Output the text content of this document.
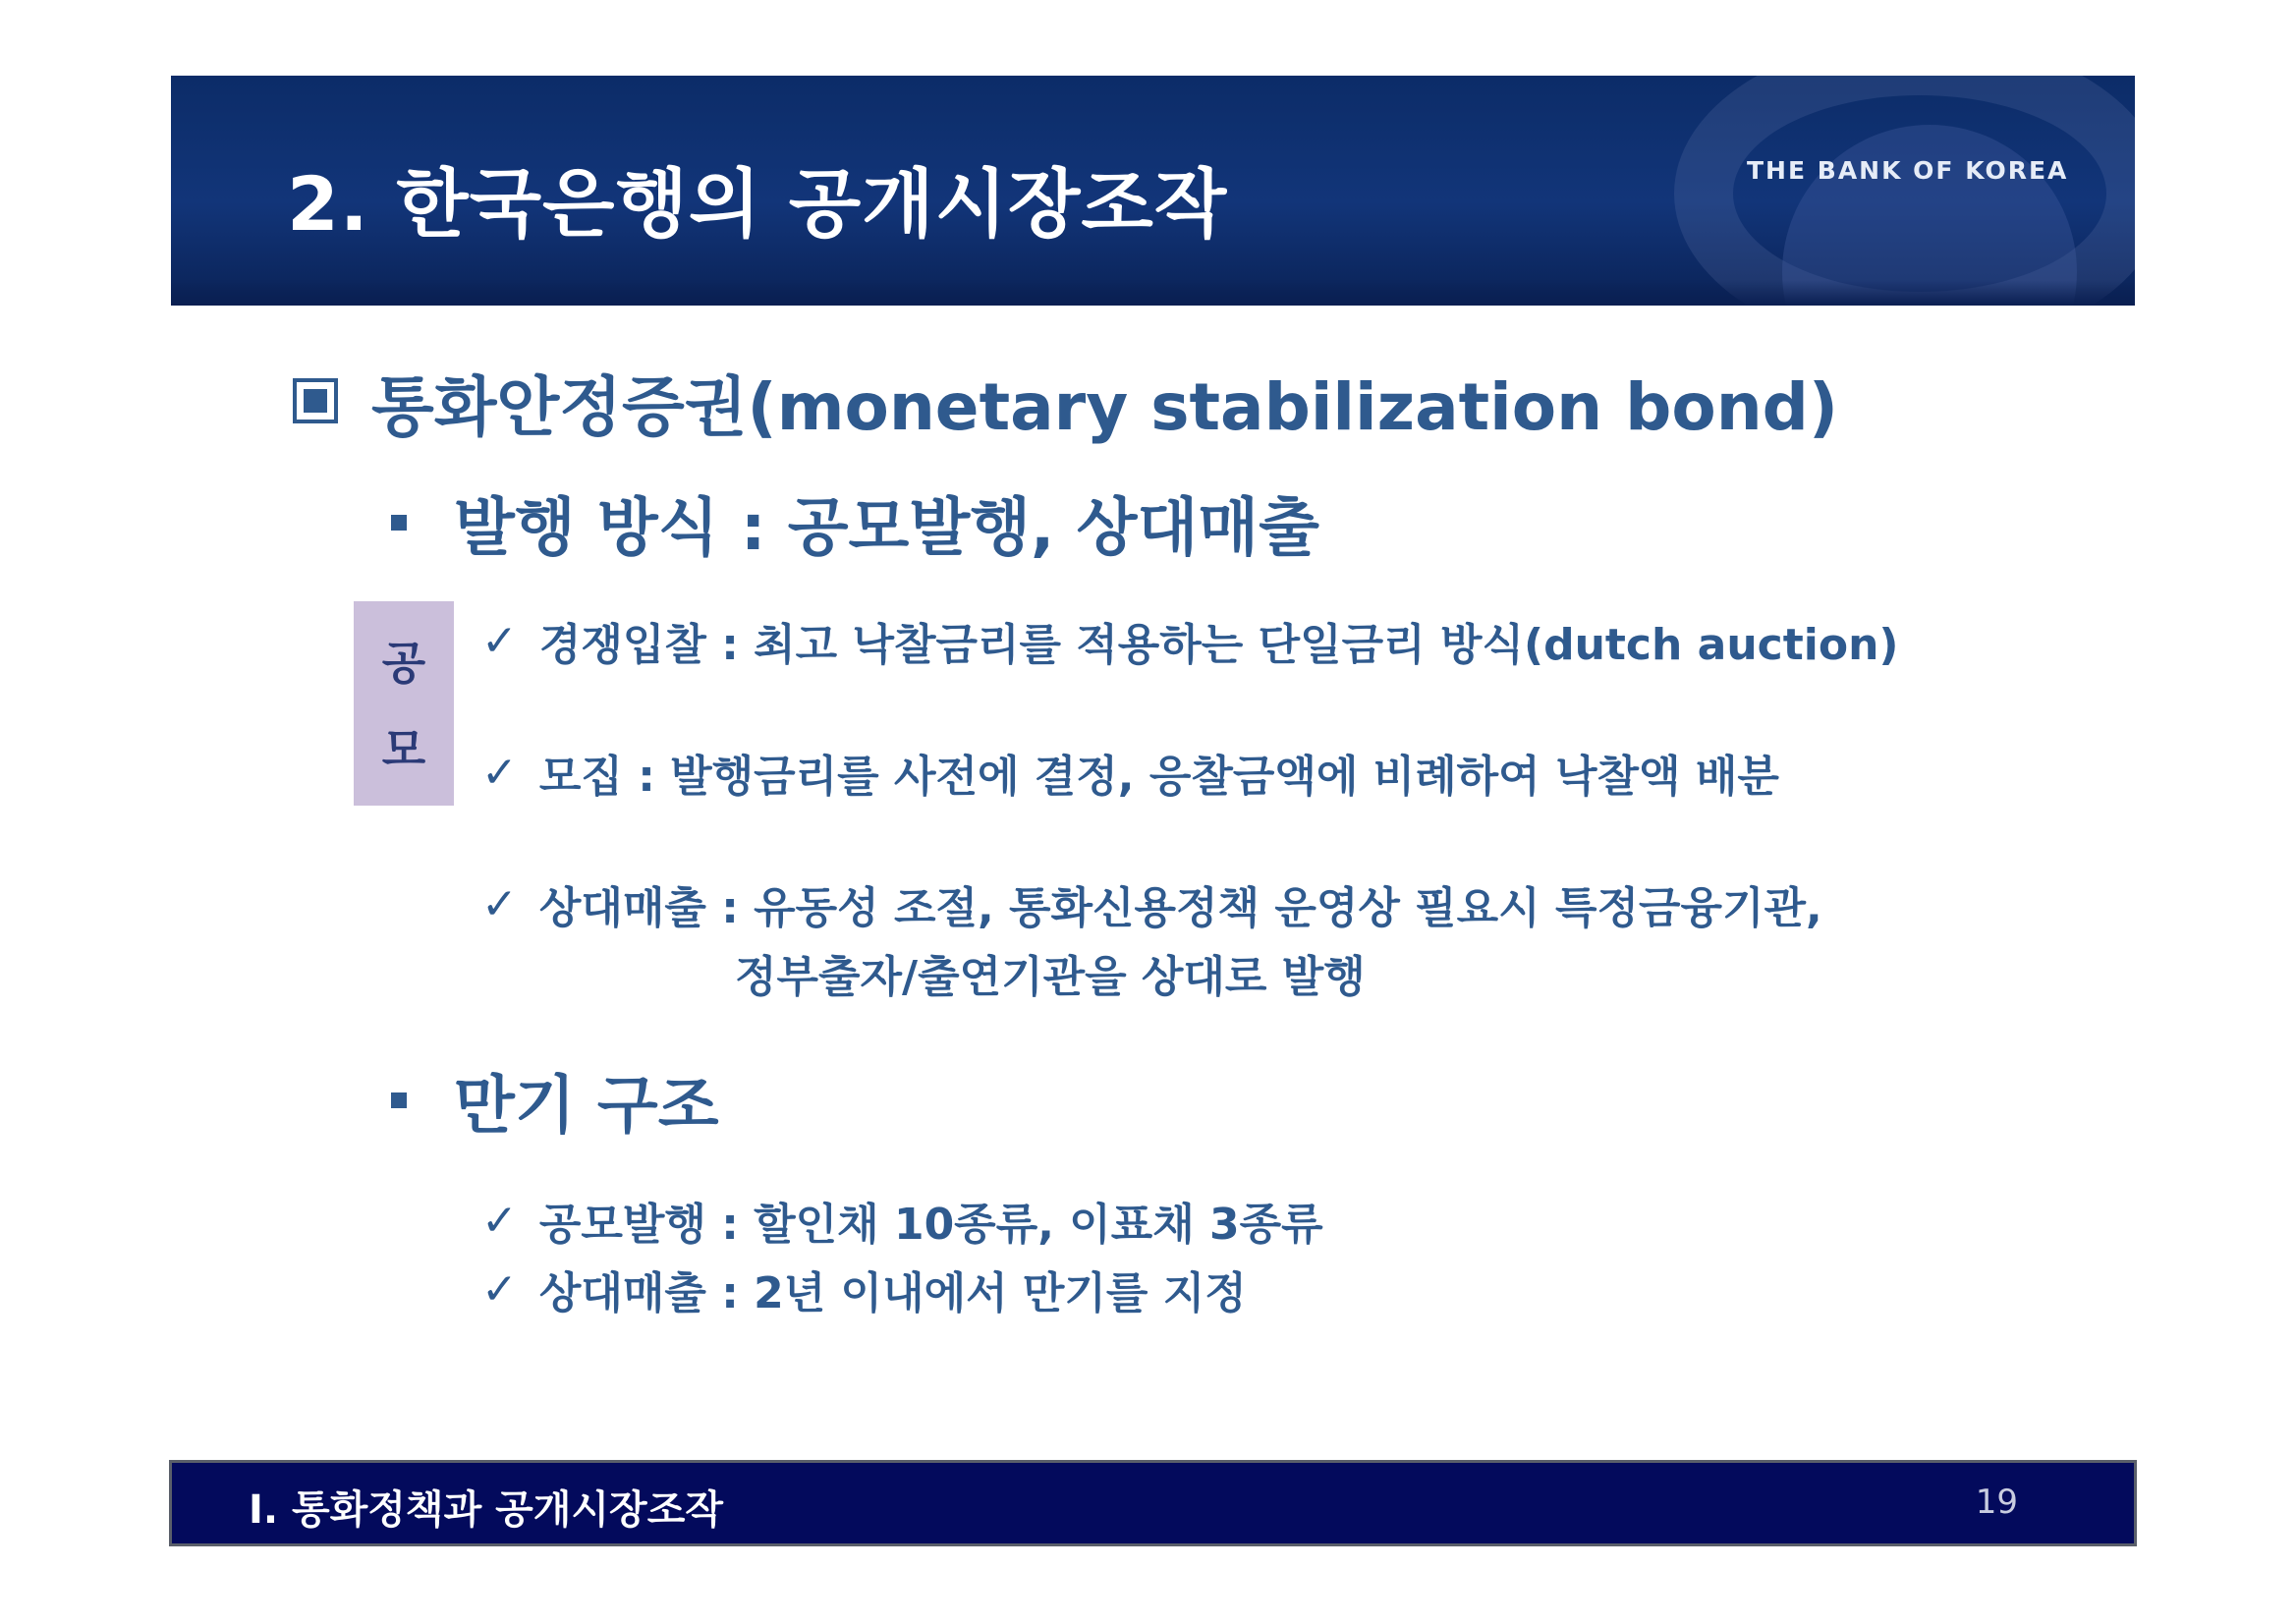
2. 한국은행의 공개시장조작	THE BANK OF KOREA
통화안정증권(monetary stabilization bond)
발행 방식 : 공모발행, 상대매출
공
모
✓ 경쟁입찰 : 최고 낙찰금리를 적용하는 단일금리 방식(dutch auction)
✓ 모집 : 발행금리를 사전에 결정, 응찰금액에 비례하여 낙찰액 배분
✓ 상대매출 : 유동성 조절, 통화신용정책 운영상 필요시 특정금융기관,
정부출자/출연기관을 상대로 발행
만기 구조
✓ 공모발행 : 할인채 10종류, 이표채 3종류
✓ 상대매출 : 2년 이내에서 만기를 지정
Ⅰ. 통화정책과 공개시장조작	19
